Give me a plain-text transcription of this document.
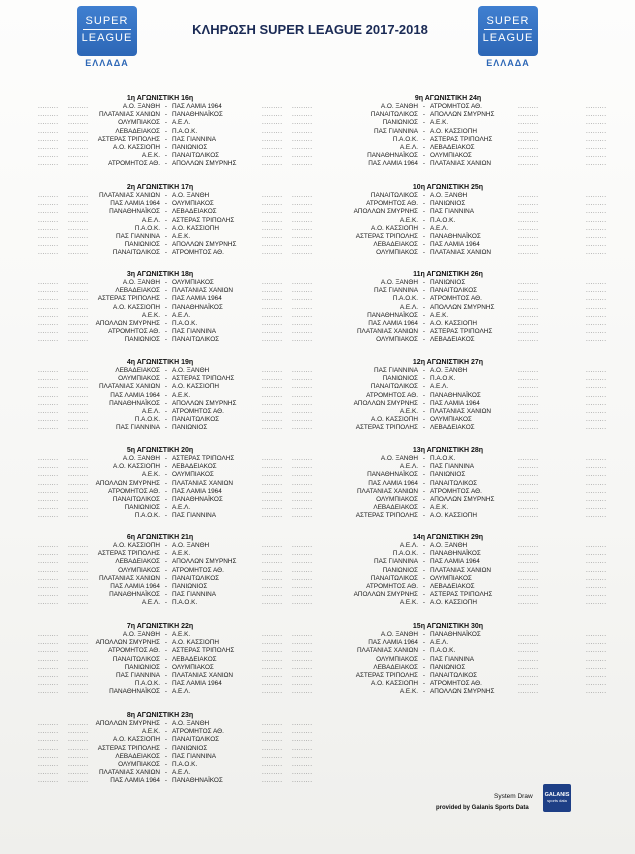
SUPER
LEAGUE
ΕΛΛΑΔΑ
ΚΛΗΡΩΣΗ SUPER LEAGUE 2017-2018
SUPER
LEAGUE
ΕΛΛΑΔΑ
1η ΑΓΩΝΙΣΤΙΚΗ 16η
......... .........	Α.Ο. ΞΑΝΘΗ - ΠΑΣ ΛΑΜΙΑ 1964	......... .........
......... .........	ΠΛΑΤΑΝΙΑΣ ΧΑΝΙΩΝ - ΠΑΝΑΘΗΝΑΪΚΟΣ	......... .........
......... .........	ΟΛΥΜΠΙΑΚΟΣ - Α.Ε.Λ.	......... .........
......... .........	ΛΕΒΑΔΕΙΑΚΟΣ - Π.Α.Ο.Κ.	......... .........
......... .........	ΑΣΤΕΡΑΣ ΤΡΙΠΟΛΗΣ - ΠΑΣ ΓΙΑΝΝΙΝΑ	......... .........
......... .........	Α.Ο. ΚΑΣΣΙΟΠΗ - ΠΑΝΙΩΝΙΟΣ	......... .........
......... .........	Α.Ε.Κ. - ΠΑΝΑΙΤΩΛΙΚΟΣ	......... .........
......... .........	ΑΤΡΟΜΗΤΟΣ ΑΘ. - ΑΠΟΛΛΩΝ ΣΜΥΡΝΗΣ	......... .........
2η ΑΓΩΝΙΣΤΙΚΗ 17η
......... .........	ΠΛΑΤΑΝΙΑΣ ΧΑΝΙΩΝ - Α.Ο. ΞΑΝΘΗ	......... .........
......... .........	ΠΑΣ ΛΑΜΙΑ 1964 - ΟΛΥΜΠΙΑΚΟΣ	......... .........
......... .........	ΠΑΝΑΘΗΝΑΪΚΟΣ - ΛΕΒΑΔΕΙΑΚΟΣ	......... .........
......... .........	Α.Ε.Λ. - ΑΣΤΕΡΑΣ ΤΡΙΠΟΛΗΣ	......... .........
......... .........	Π.Α.Ο.Κ. - Α.Ο. ΚΑΣΣΙΟΠΗ	......... .........
......... .........	ΠΑΣ ΓΙΑΝΝΙΝΑ - Α.Ε.Κ.	......... .........
......... .........	ΠΑΝΙΩΝΙΟΣ - ΑΠΟΛΛΩΝ ΣΜΥΡΝΗΣ	......... .........
......... .........	ΠΑΝΑΙΤΩΛΙΚΟΣ - ΑΤΡΟΜΗΤΟΣ ΑΘ.	......... .........
3η ΑΓΩΝΙΣΤΙΚΗ 18η
......... .........	Α.Ο. ΞΑΝΘΗ - ΟΛΥΜΠΙΑΚΟΣ	......... .........
......... .........	ΛΕΒΑΔΕΙΑΚΟΣ - ΠΛΑΤΑΝΙΑΣ ΧΑΝΙΩΝ	......... .........
......... .........	ΑΣΤΕΡΑΣ ΤΡΙΠΟΛΗΣ - ΠΑΣ ΛΑΜΙΑ 1964	......... .........
......... .........	Α.Ο. ΚΑΣΣΙΟΠΗ - ΠΑΝΑΘΗΝΑΪΚΟΣ	......... .........
......... .........	Α.Ε.Κ. - Α.Ε.Λ.	......... .........
......... .........	ΑΠΟΛΛΩΝ ΣΜΥΡΝΗΣ - Π.Α.Ο.Κ.	......... .........
......... .........	ΑΤΡΟΜΗΤΟΣ ΑΘ. - ΠΑΣ ΓΙΑΝΝΙΝΑ	......... .........
......... .........	ΠΑΝΙΩΝΙΟΣ - ΠΑΝΑΙΤΩΛΙΚΟΣ	......... .........
4η ΑΓΩΝΙΣΤΙΚΗ 19η
......... .........	ΛΕΒΑΔΕΙΑΚΟΣ - Α.Ο. ΞΑΝΘΗ	......... .........
......... .........	ΟΛΥΜΠΙΑΚΟΣ - ΑΣΤΕΡΑΣ ΤΡΙΠΟΛΗΣ	......... .........
......... .........	ΠΛΑΤΑΝΙΑΣ ΧΑΝΙΩΝ - Α.Ο. ΚΑΣΣΙΟΠΗ	......... .........
......... .........	ΠΑΣ ΛΑΜΙΑ 1964 - Α.Ε.Κ.	......... .........
......... .........	ΠΑΝΑΘΗΝΑΪΚΟΣ - ΑΠΟΛΛΩΝ ΣΜΥΡΝΗΣ	......... .........
......... .........	Α.Ε.Λ. - ΑΤΡΟΜΗΤΟΣ ΑΘ.	......... .........
......... .........	Π.Α.Ο.Κ. - ΠΑΝΑΙΤΩΛΙΚΟΣ	......... .........
......... .........	ΠΑΣ ΓΙΑΝΝΙΝΑ - ΠΑΝΙΩΝΙΟΣ	......... .........
5η ΑΓΩΝΙΣΤΙΚΗ 20η
......... .........	Α.Ο. ΞΑΝΘΗ - ΑΣΤΕΡΑΣ ΤΡΙΠΟΛΗΣ	......... .........
......... .........	Α.Ο. ΚΑΣΣΙΟΠΗ - ΛΕΒΑΔΕΙΑΚΟΣ	......... .........
......... .........	Α.Ε.Κ. - ΟΛΥΜΠΙΑΚΟΣ	......... .........
......... .........	ΑΠΟΛΛΩΝ ΣΜΥΡΝΗΣ - ΠΛΑΤΑΝΙΑΣ ΧΑΝΙΩΝ	......... .........
......... .........	ΑΤΡΟΜΗΤΟΣ ΑΘ. - ΠΑΣ ΛΑΜΙΑ 1964	......... .........
......... .........	ΠΑΝΑΙΤΩΛΙΚΟΣ - ΠΑΝΑΘΗΝΑΪΚΟΣ	......... .........
......... .........	ΠΑΝΙΩΝΙΟΣ - Α.Ε.Λ.	......... .........
......... .........	Π.Α.Ο.Κ. - ΠΑΣ ΓΙΑΝΝΙΝΑ	......... .........
6η ΑΓΩΝΙΣΤΙΚΗ 21η
......... .........	Α.Ο. ΚΑΣΣΙΟΠΗ - Α.Ο. ΞΑΝΘΗ	......... .........
......... .........	ΑΣΤΕΡΑΣ ΤΡΙΠΟΛΗΣ - Α.Ε.Κ.	......... .........
......... .........	ΛΕΒΑΔΕΙΑΚΟΣ - ΑΠΟΛΛΩΝ ΣΜΥΡΝΗΣ	......... .........
......... .........	ΟΛΥΜΠΙΑΚΟΣ - ΑΤΡΟΜΗΤΟΣ ΑΘ.	......... .........
......... .........	ΠΛΑΤΑΝΙΑΣ ΧΑΝΙΩΝ - ΠΑΝΑΙΤΩΛΙΚΟΣ	......... .........
......... .........	ΠΑΣ ΛΑΜΙΑ 1964 - ΠΑΝΙΩΝΙΟΣ	......... .........
......... .........	ΠΑΝΑΘΗΝΑΪΚΟΣ - ΠΑΣ ΓΙΑΝΝΙΝΑ	......... .........
......... .........	Α.Ε.Λ. - Π.Α.Ο.Κ.	......... .........
7η ΑΓΩΝΙΣΤΙΚΗ 22η
......... .........	Α.Ο. ΞΑΝΘΗ - Α.Ε.Κ.	......... .........
......... .........	ΑΠΟΛΛΩΝ ΣΜΥΡΝΗΣ - Α.Ο. ΚΑΣΣΙΟΠΗ	......... .........
......... .........	ΑΤΡΟΜΗΤΟΣ ΑΘ. - ΑΣΤΕΡΑΣ ΤΡΙΠΟΛΗΣ	......... .........
......... .........	ΠΑΝΑΙΤΩΛΙΚΟΣ - ΛΕΒΑΔΕΙΑΚΟΣ	......... .........
......... .........	ΠΑΝΙΩΝΙΟΣ - ΟΛΥΜΠΙΑΚΟΣ	......... .........
......... .........	ΠΑΣ ΓΙΑΝΝΙΝΑ - ΠΛΑΤΑΝΙΑΣ ΧΑΝΙΩΝ	......... .........
......... .........	Π.Α.Ο.Κ. - ΠΑΣ ΛΑΜΙΑ 1964	......... .........
......... .........	ΠΑΝΑΘΗΝΑΪΚΟΣ - Α.Ε.Λ.	......... .........
8η ΑΓΩΝΙΣΤΙΚΗ 23η
......... .........	ΑΠΟΛΛΩΝ ΣΜΥΡΝΗΣ - Α.Ο. ΞΑΝΘΗ	......... .........
......... .........	Α.Ε.Κ. - ΑΤΡΟΜΗΤΟΣ ΑΘ.	......... .........
......... .........	Α.Ο. ΚΑΣΣΙΟΠΗ - ΠΑΝΑΙΤΩΛΙΚΟΣ	......... .........
......... .........	ΑΣΤΕΡΑΣ ΤΡΙΠΟΛΗΣ - ΠΑΝΙΩΝΙΟΣ	......... .........
......... .........	ΛΕΒΑΔΕΙΑΚΟΣ - ΠΑΣ ΓΙΑΝΝΙΝΑ	......... .........
......... .........	ΟΛΥΜΠΙΑΚΟΣ - Π.Α.Ο.Κ.	......... .........
......... .........	ΠΛΑΤΑΝΙΑΣ ΧΑΝΙΩΝ - Α.Ε.Λ.	......... .........
......... .........	ΠΑΣ ΛΑΜΙΑ 1964 - ΠΑΝΑΘΗΝΑΪΚΟΣ	......... .........
9η ΑΓΩΝΙΣΤΙΚΗ 24η
Α.Ο. ΞΑΝΘΗ - ΑΤΡΟΜΗΤΟΣ ΑΘ.	.........	.........
ΠΑΝΑΙΤΩΛΙΚΟΣ - ΑΠΟΛΛΩΝ ΣΜΥΡΝΗΣ	.........	.........
ΠΑΝΙΩΝΙΟΣ - Α.Ε.Κ.	.........	.........
ΠΑΣ ΓΙΑΝΝΙΝΑ - Α.Ο. ΚΑΣΣΙΟΠΗ	.........	.........
Π.Α.Ο.Κ. - ΑΣΤΕΡΑΣ ΤΡΙΠΟΛΗΣ	.........	.........
Α.Ε.Λ. - ΛΕΒΑΔΕΙΑΚΟΣ	.........	.........
ΠΑΝΑΘΗΝΑΪΚΟΣ - ΟΛΥΜΠΙΑΚΟΣ	.........	.........
ΠΑΣ ΛΑΜΙΑ 1964 - ΠΛΑΤΑΝΙΑΣ ΧΑΝΙΩΝ	.........	.........
10η ΑΓΩΝΙΣΤΙΚΗ 25η
ΠΑΝΑΙΤΩΛΙΚΟΣ - Α.Ο. ΞΑΝΘΗ	.........	.........
ΑΤΡΟΜΗΤΟΣ ΑΘ. - ΠΑΝΙΩΝΙΟΣ	.........	.........
ΑΠΟΛΛΩΝ ΣΜΥΡΝΗΣ - ΠΑΣ ΓΙΑΝΝΙΝΑ	.........	.........
Α.Ε.Κ. - Π.Α.Ο.Κ.	.........	.........
Α.Ο. ΚΑΣΣΙΟΠΗ - Α.Ε.Λ.	.........	.........
ΑΣΤΕΡΑΣ ΤΡΙΠΟΛΗΣ - ΠΑΝΑΘΗΝΑΪΚΟΣ	.........	.........
ΛΕΒΑΔΕΙΑΚΟΣ - ΠΑΣ ΛΑΜΙΑ 1964	.........	.........
ΟΛΥΜΠΙΑΚΟΣ - ΠΛΑΤΑΝΙΑΣ ΧΑΝΙΩΝ	.........	.........
11η ΑΓΩΝΙΣΤΙΚΗ 26η
Α.Ο. ΞΑΝΘΗ - ΠΑΝΙΩΝΙΟΣ	.........	.........
ΠΑΣ ΓΙΑΝΝΙΝΑ - ΠΑΝΑΙΤΩΛΙΚΟΣ	.........	.........
Π.Α.Ο.Κ. - ΑΤΡΟΜΗΤΟΣ ΑΘ.	.........	.........
Α.Ε.Λ. - ΑΠΟΛΛΩΝ ΣΜΥΡΝΗΣ	.........	.........
ΠΑΝΑΘΗΝΑΪΚΟΣ - Α.Ε.Κ.	.........	.........
ΠΑΣ ΛΑΜΙΑ 1964 - Α.Ο. ΚΑΣΣΙΟΠΗ	.........	.........
ΠΛΑΤΑΝΙΑΣ ΧΑΝΙΩΝ - ΑΣΤΕΡΑΣ ΤΡΙΠΟΛΗΣ	.........	.........
ΟΛΥΜΠΙΑΚΟΣ - ΛΕΒΑΔΕΙΑΚΟΣ	.........	.........
12η ΑΓΩΝΙΣΤΙΚΗ 27η
ΠΑΣ ΓΙΑΝΝΙΝΑ - Α.Ο. ΞΑΝΘΗ	.........	.........
ΠΑΝΙΩΝΙΟΣ - Π.Α.Ο.Κ.	.........	.........
ΠΑΝΑΙΤΩΛΙΚΟΣ - Α.Ε.Λ.	.........	.........
ΑΤΡΟΜΗΤΟΣ ΑΘ. - ΠΑΝΑΘΗΝΑΪΚΟΣ	.........	.........
ΑΠΟΛΛΩΝ ΣΜΥΡΝΗΣ - ΠΑΣ ΛΑΜΙΑ 1964	.........	.........
Α.Ε.Κ. - ΠΛΑΤΑΝΙΑΣ ΧΑΝΙΩΝ	.........	.........
Α.Ο. ΚΑΣΣΙΟΠΗ - ΟΛΥΜΠΙΑΚΟΣ	.........	.........
ΑΣΤΕΡΑΣ ΤΡΙΠΟΛΗΣ - ΛΕΒΑΔΕΙΑΚΟΣ	.........	.........
13η ΑΓΩΝΙΣΤΙΚΗ 28η
Α.Ο. ΞΑΝΘΗ - Π.Α.Ο.Κ.	.........	.........
Α.Ε.Λ. - ΠΑΣ ΓΙΑΝΝΙΝΑ	.........	.........
ΠΑΝΑΘΗΝΑΪΚΟΣ - ΠΑΝΙΩΝΙΟΣ	.........	.........
ΠΑΣ ΛΑΜΙΑ 1964 - ΠΑΝΑΙΤΩΛΙΚΟΣ	.........	.........
ΠΛΑΤΑΝΙΑΣ ΧΑΝΙΩΝ - ΑΤΡΟΜΗΤΟΣ ΑΘ.	.........	.........
ΟΛΥΜΠΙΑΚΟΣ - ΑΠΟΛΛΩΝ ΣΜΥΡΝΗΣ	.........	.........
ΛΕΒΑΔΕΙΑΚΟΣ - Α.Ε.Κ.	.........	.........
ΑΣΤΕΡΑΣ ΤΡΙΠΟΛΗΣ - Α.Ο. ΚΑΣΣΙΟΠΗ	.........	.........
14η ΑΓΩΝΙΣΤΙΚΗ 29η
Α.Ε.Λ. - Α.Ο. ΞΑΝΘΗ	.........	.........
Π.Α.Ο.Κ. - ΠΑΝΑΘΗΝΑΪΚΟΣ	.........	.........
ΠΑΣ ΓΙΑΝΝΙΝΑ - ΠΑΣ ΛΑΜΙΑ 1964	.........	.........
ΠΑΝΙΩΝΙΟΣ - ΠΛΑΤΑΝΙΑΣ ΧΑΝΙΩΝ	.........	.........
ΠΑΝΑΙΤΩΛΙΚΟΣ - ΟΛΥΜΠΙΑΚΟΣ	.........	.........
ΑΤΡΟΜΗΤΟΣ ΑΘ. - ΛΕΒΑΔΕΙΑΚΟΣ	.........	.........
ΑΠΟΛΛΩΝ ΣΜΥΡΝΗΣ - ΑΣΤΕΡΑΣ ΤΡΙΠΟΛΗΣ	.........	.........
Α.Ε.Κ. - Α.Ο. ΚΑΣΣΙΟΠΗ	.........	.........
15η ΑΓΩΝΙΣΤΙΚΗ 30η
Α.Ο. ΞΑΝΘΗ - ΠΑΝΑΘΗΝΑΪΚΟΣ	.........	.........
ΠΑΣ ΛΑΜΙΑ 1964 - Α.Ε.Λ.	.........	.........
ΠΛΑΤΑΝΙΑΣ ΧΑΝΙΩΝ - Π.Α.Ο.Κ.	.........	.........
ΟΛΥΜΠΙΑΚΟΣ - ΠΑΣ ΓΙΑΝΝΙΝΑ	.........	.........
ΛΕΒΑΔΕΙΑΚΟΣ - ΠΑΝΙΩΝΙΟΣ	.........	.........
ΑΣΤΕΡΑΣ ΤΡΙΠΟΛΗΣ - ΠΑΝΑΙΤΩΛΙΚΟΣ	.........	.........
Α.Ο. ΚΑΣΣΙΟΠΗ - ΑΤΡΟΜΗΤΟΣ ΑΘ.	.........	.........
Α.Ε.Κ. - ΑΠΟΛΛΩΝ ΣΜΥΡΝΗΣ	.........	.........
System Draw
provided by Galanis Sports Data
GALANIS
sports data
